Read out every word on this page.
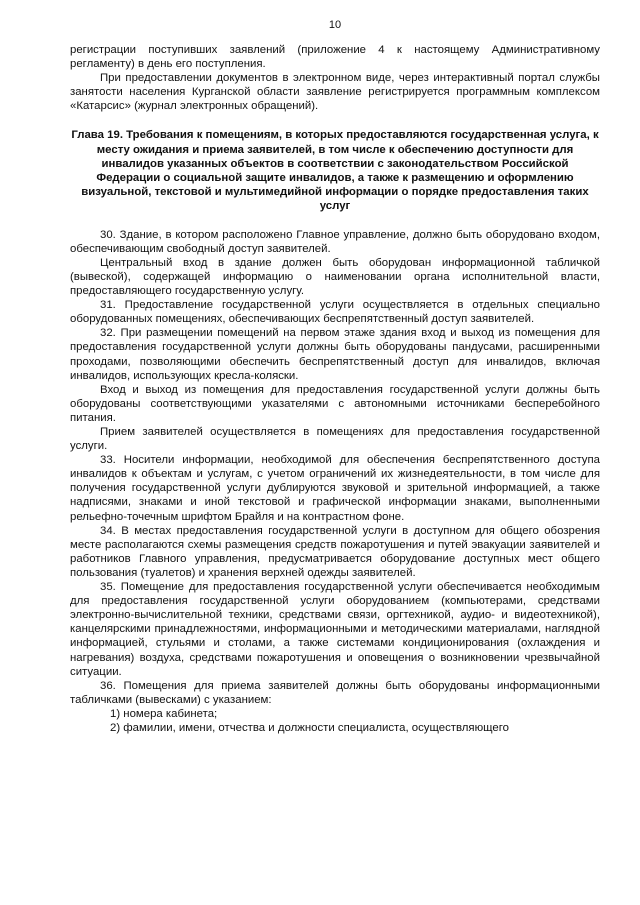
10

регистрации поступивших заявлений (приложение 4 к настоящему Административному регламенту) в день его поступления.

При предоставлении документов в электронном виде, через интерактивный портал службы занятости населения Курганской области заявление регистрируется программным комплексом «Катарсис» (журнал электронных обращений).

Глава 19. Требования к помещениям, в которых предоставляются государственная услуга, к месту ожидания и приема заявителей, в том числе к обеспечению доступности для инвалидов указанных объектов в соответствии с законодательством Российской Федерации о социальной защите инвалидов, а также к размещению и оформлению визуальной, текстовой и мультимедийной информации о порядке предоставления таких услуг

30. Здание, в котором расположено Главное управление, должно быть оборудовано входом, обеспечивающим свободный доступ заявителей.

Центральный вход в здание должен быть оборудован информационной табличкой (вывеской), содержащей информацию о наименовании органа исполнительной власти, предоставляющего государственную услугу.

31. Предоставление государственной услуги осуществляется в отдельных специально оборудованных помещениях, обеспечивающих беспрепятственный доступ заявителей.

32. При размещении помещений на первом этаже здания вход и выход из помещения для предоставления государственной услуги должны быть оборудованы пандусами, расширенными проходами, позволяющими обеспечить беспрепятственный доступ для инвалидов, включая инвалидов, использующих кресла-коляски.

Вход и выход из помещения для предоставления государственной услуги должны быть оборудованы соответствующими указателями с автономными источниками бесперебойного питания.

Прием заявителей осуществляется в помещениях для предоставления государственной услуги.

33. Носители информации, необходимой для обеспечения беспрепятственного доступа инвалидов к объектам и услугам, с учетом ограничений их жизнедеятельности, в том числе для получения государственной услуги дублируются звуковой и зрительной информацией, а также надписями, знаками и иной текстовой и графической информации знаками, выполненными рельефно-точечным шрифтом Брайля и на контрастном фоне.

34. В местах предоставления государственной услуги в доступном для общего обозрения месте располагаются схемы размещения средств пожаротушения и путей эвакуации заявителей и работников Главного управления, предусматривается оборудование доступных мест общего пользования (туалетов) и хранения верхней одежды заявителей.

35. Помещение для предоставления государственной услуги обеспечивается необходимым для предоставления государственной услуги оборудованием (компьютерами, средствами электронно-вычислительной техники, средствами связи, оргтехникой, аудио- и видеотехникой), канцелярскими принадлежностями, информационными и методическими материалами, наглядной информацией, стульями и столами, а также системами кондиционирования (охлаждения и нагревания) воздуха, средствами пожаротушения и оповещения о возникновении чрезвычайной ситуации.

36. Помещения для приема заявителей должны быть оборудованы информационными табличками (вывесками) с указанием:

1) номера кабинета;

2) фамилии, имени, отчества и должности специалиста, осуществляющего
